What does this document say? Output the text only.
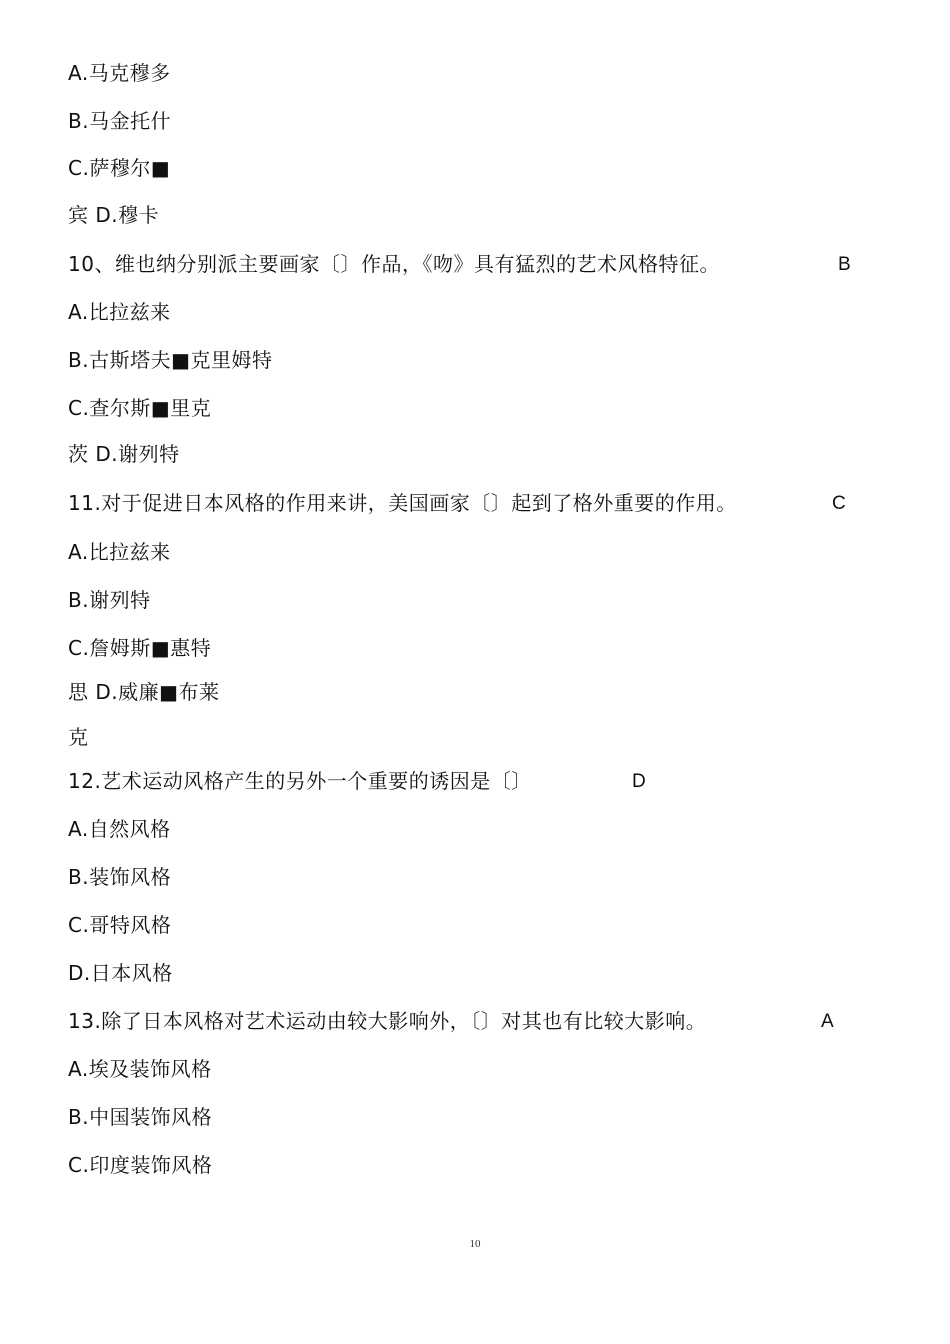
A.马克穆多
B.马金托什
C.萨穆尔■
宾 D.穆卡
10、维也纳分别派主要画家〔〕作品，《吻》具有猛烈的艺术风格特征。	B
A.比拉兹来
B.古斯塔夫■克里姆特
C.查尔斯■里克
茨 D.谢列特
11.对于促进日本风格的作用来讲，美国画家〔〕起到了格外重要的作用。	C
A.比拉兹来
B.谢列特
C.詹姆斯■惠特
思 D.威廉■布莱
克
12.艺术运动风格产生的另外一个重要的诱因是〔〕	D
A.自然风格
B.装饰风格
C.哥特风格
D.日本风格
13.除了日本风格对艺术运动由较大影响外，〔〕对其也有比较大影响。	A
A.埃及装饰风格
B.中国装饰风格
C.印度装饰风格
10
